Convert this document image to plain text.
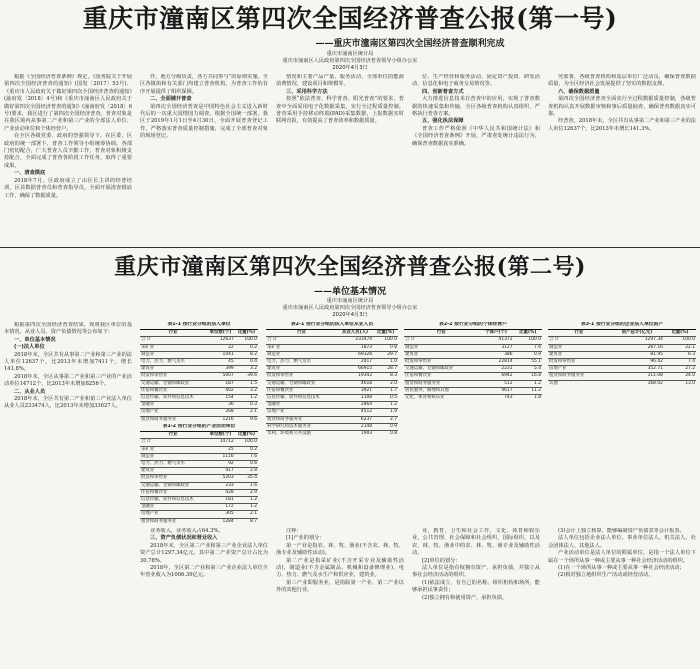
重庆市潼南区第四次全国经济普查公报(第一号)
——重庆市潼南区第四次全国经济普查顺利完成
重庆市潼南区统计局
重庆市潼南区人民政府第四次全国经济普查领导小组办公室
2020年4月3日

根据《全国经济普查条例》规定，《国务院关于开展第四次全国经济普查的通知》(国发〔2017〕53号)、《重庆市人民政府关于做好第四次全国经济普查的通知》(渝府发〔2018〕4号)和《重庆市潼南区人民政府关于做好第四次全国经济普查的通知》(潼南府发〔2018〕6号)要求，我区进行了第四次全国经济普查。普查对象是在我区境内从事第二产业和第三产业的全部法人单位、产业活动单位和个体经营户。

在全区各级党委、政府的坚强领导下，在区委、区政府的统一部署下，普查工作领导小组统筹协调，各部门密切配合，广大普查人员辛勤工作，普查对象积极支持配合，全面完成了普查各阶段工作任务，取得了重要成果。

一、清查摸底

2018年7月，区政府成立了由区长主讲的经普培训，区县数据普查员和普查指导员，全面开展清查摸底工作，确保了数据质量。

作，地方分级负责，各方共同参与”的原则实施。全区各镇街和有关部门均建立普查机构，为普查工作的有序开展提供了组织保障。

二、全面铺开普查

第四次全国经济普查是中国特色社会主义进入新时代后的一次重大国情国力调查。根据全国统一部署，我区于2019年1月1日至4月30日，全面开展普查登记工作，严格落实普查质量控制措施，完成了全部普查对象的现场登记。

情况和主要产品产量、服务活动、全部单位的能源消费情况，建设项目和规模等。

三、采用科学方法

按照“依法普查、科学普查、阳光普查”的要求，普查中全面采用电子化数据采集，实行全过程质量控制。普查采用手持移动终端(PAD)采集数据，上报数据实时联网直报，有效提高了普查效率和数据质量。

位、生产经营和服务活动、固定资产投资、研发活动、信息化和电子商务交易情况等。

四、创新普查方式

大力推进信息技术在普查中的应用，实现了普查数据的快速采集和传输，全区各级普查机构认真组织，严格执行普查方案。

五、强化执法保障

普查工作严格依照《中华人民共和国统计法》和《全国经济普查条例》开展，严肃查处统计违法行为，确保普查数据真实准确。

究部署，各级普查机构和基层单位广泛动员，确保普查数据质量，为全区经济社会发展提供了坚实的数据支撑。

六、确保数据质量

第四次全国经济普查全面实行全过程数据质量控制，各级普查机构认真开展数据审核和事后质量抽查，确保普查数据真实可靠。

经普查，2018年末，全区共有从事第二产业和第三产业的法人单位12637个，比2013年末增长141.3%。

重庆市潼南区第四次全国经济普查公报(第二号)
——单位基本情况
重庆市潼南区统计局
重庆市潼南区人民政府第四次全国经济普查领导小组办公室
2020年4月3日

根据第四次全国经济普查结果，现将我区单位的基本情况，从业人员、资产负债情况等公布如下：

一、单位基本情况

(一)法人单位

2018年末，全区共有从事第二产业和第三产业的法人单位12637个，比2013年末增加7411个，增长141.8%。

2018年末，全区从事第二产业和第三产业的产业活动单位14712个，比2013年末增加8256个。

二、从业人员

2018年末，全区共有第二产业和第三产业法人单位从业人员233474人，比2013年末增加33627人。

表1-1 按行业分组的法人单位
行业	单位数(个)	比重(%)
合 计	12637	100.0
采矿业	22	0.2
制造业	1041	8.2
电力、热力、燃气及水	45	0.4
建筑业	399	3.2
批发和零售业	5007	39.6
交通运输、仓储和邮政业	187	1.5
住宿和餐饮业	402	3.2
信息传输、软件和信息技术	154	1.2
金融业	36	0.3
房地产业	268	2.1
租赁和商务服务业	1216	9.6

表1-2 按行业分组的产业活动单位
行业	单位数(个)	比重(%)
合 计	14712	100.0
采矿业	25	0.2
制造业	1116	7.6
电力、热力、燃气及水	92	0.6
建筑业	417	2.8
批发和零售业	5203	35.4
交通运输、仓储和邮政业	233	1.6
住宿和餐饮业	428	2.9
信息传输、软件和信息技术	181	1.2
金融业	172	1.2
房地产业	305	2.1
租赁和商务服务业	1284	8.7

表2-1 按行业分组的法人单位从业人员
行业	从业人员(人)	比重(%)
合 计	233474	100.0
采矿业	1873	0.8
制造业	69326	29.7
电力、热力、燃气及水	2417	1.0
建筑业	66915	28.7
批发和零售业	19342	8.3
交通运输、仓储和邮政业	4618	2.0
住宿和餐饮业	3921	1.7
信息传输、软件和信息技术	1108	0.5
金融业	2864	1.2
房地产业	4512	1.9
租赁和商务服务业	6237	2.7
科学研究和技术服务业	2148	0.9
水利、环境和公共设施	1903	0.8
表2-2 按行业分组的个体经营户
行业	个体户(个)	比重(%)
合 计	41372	100.0
制造业	3127	7.6
建筑业	386	0.9
批发和零售业	22814	55.1
交通运输、仓储和邮政业	2231	5.4
住宿和餐饮业	6942	16.8
租赁和商务服务业	512	1.2
居民服务、修理和其他	4617	11.2
文化、体育和娱乐业	743	1.8
表3-1 按行业分组的企业法人单位资产
行业	资产总计(亿元)	比重(%)
合 计	1297.34	100.0
制造业	287.16	22.1
建筑业	81.95	6.3
批发和零售业	96.42	7.4
房地产业	352.71	27.2
租赁和商务服务业	311.08	24.0
其他	168.02	13.0

业务收入，业务收入占64.3%。

三、资产负债状况和营业收入

2018年末，全区第二产业和第三产业企业法人单位资产总计1297.34亿元，其中第二产业资产总计占比为30.78%。

2018年，全区第二产业和第三产业企业法人单位全年营业收入为1006.39亿元。

注释：

[1]产业的划分：

第一产业是指农、林、牧、渔业(不含农、林、牧、渔专业及辅助性活动)。

第二产业是指采矿业(不含开采专业及辅助性活动)，制造业(不含金属制品、机械和设备修理业)，电力、热力、燃气及水生产和供应业，建筑业。

第三产业即服务业，是指除第一产业、第二产业以外的其他行业。

业，教育，卫生和社会工作，文化、体育和娱乐业，公共管理、社会保障和社会组织，国际组织，以及农、林、牧、渔业中的农、林、牧、渔专业及辅助性活动。

[2]单位的划分：

法人单位是指有权拥有资产、承担负债，并独立从事社会经济活动的组织。

(1)依法成立，有自己的名称、组织机构和场所，能够承担民事责任；

(2)独立拥有和使用资产，承担负债。

(3)会计上独立核算，能够编制资产负债表等会计报表。

法人单位包括企业法人单位、事业单位法人、机关法人、社会团体法人、其他法人。

产业活动单位是法人单位的附属单位，是指一个法人单位下属在一个场所从事一种或主要从事一种社会经济活动的组织。

(1)在一个场所从事一种或主要从事一种社会经济活动；

(2)相对独立地组织生产活动或经营活动。
